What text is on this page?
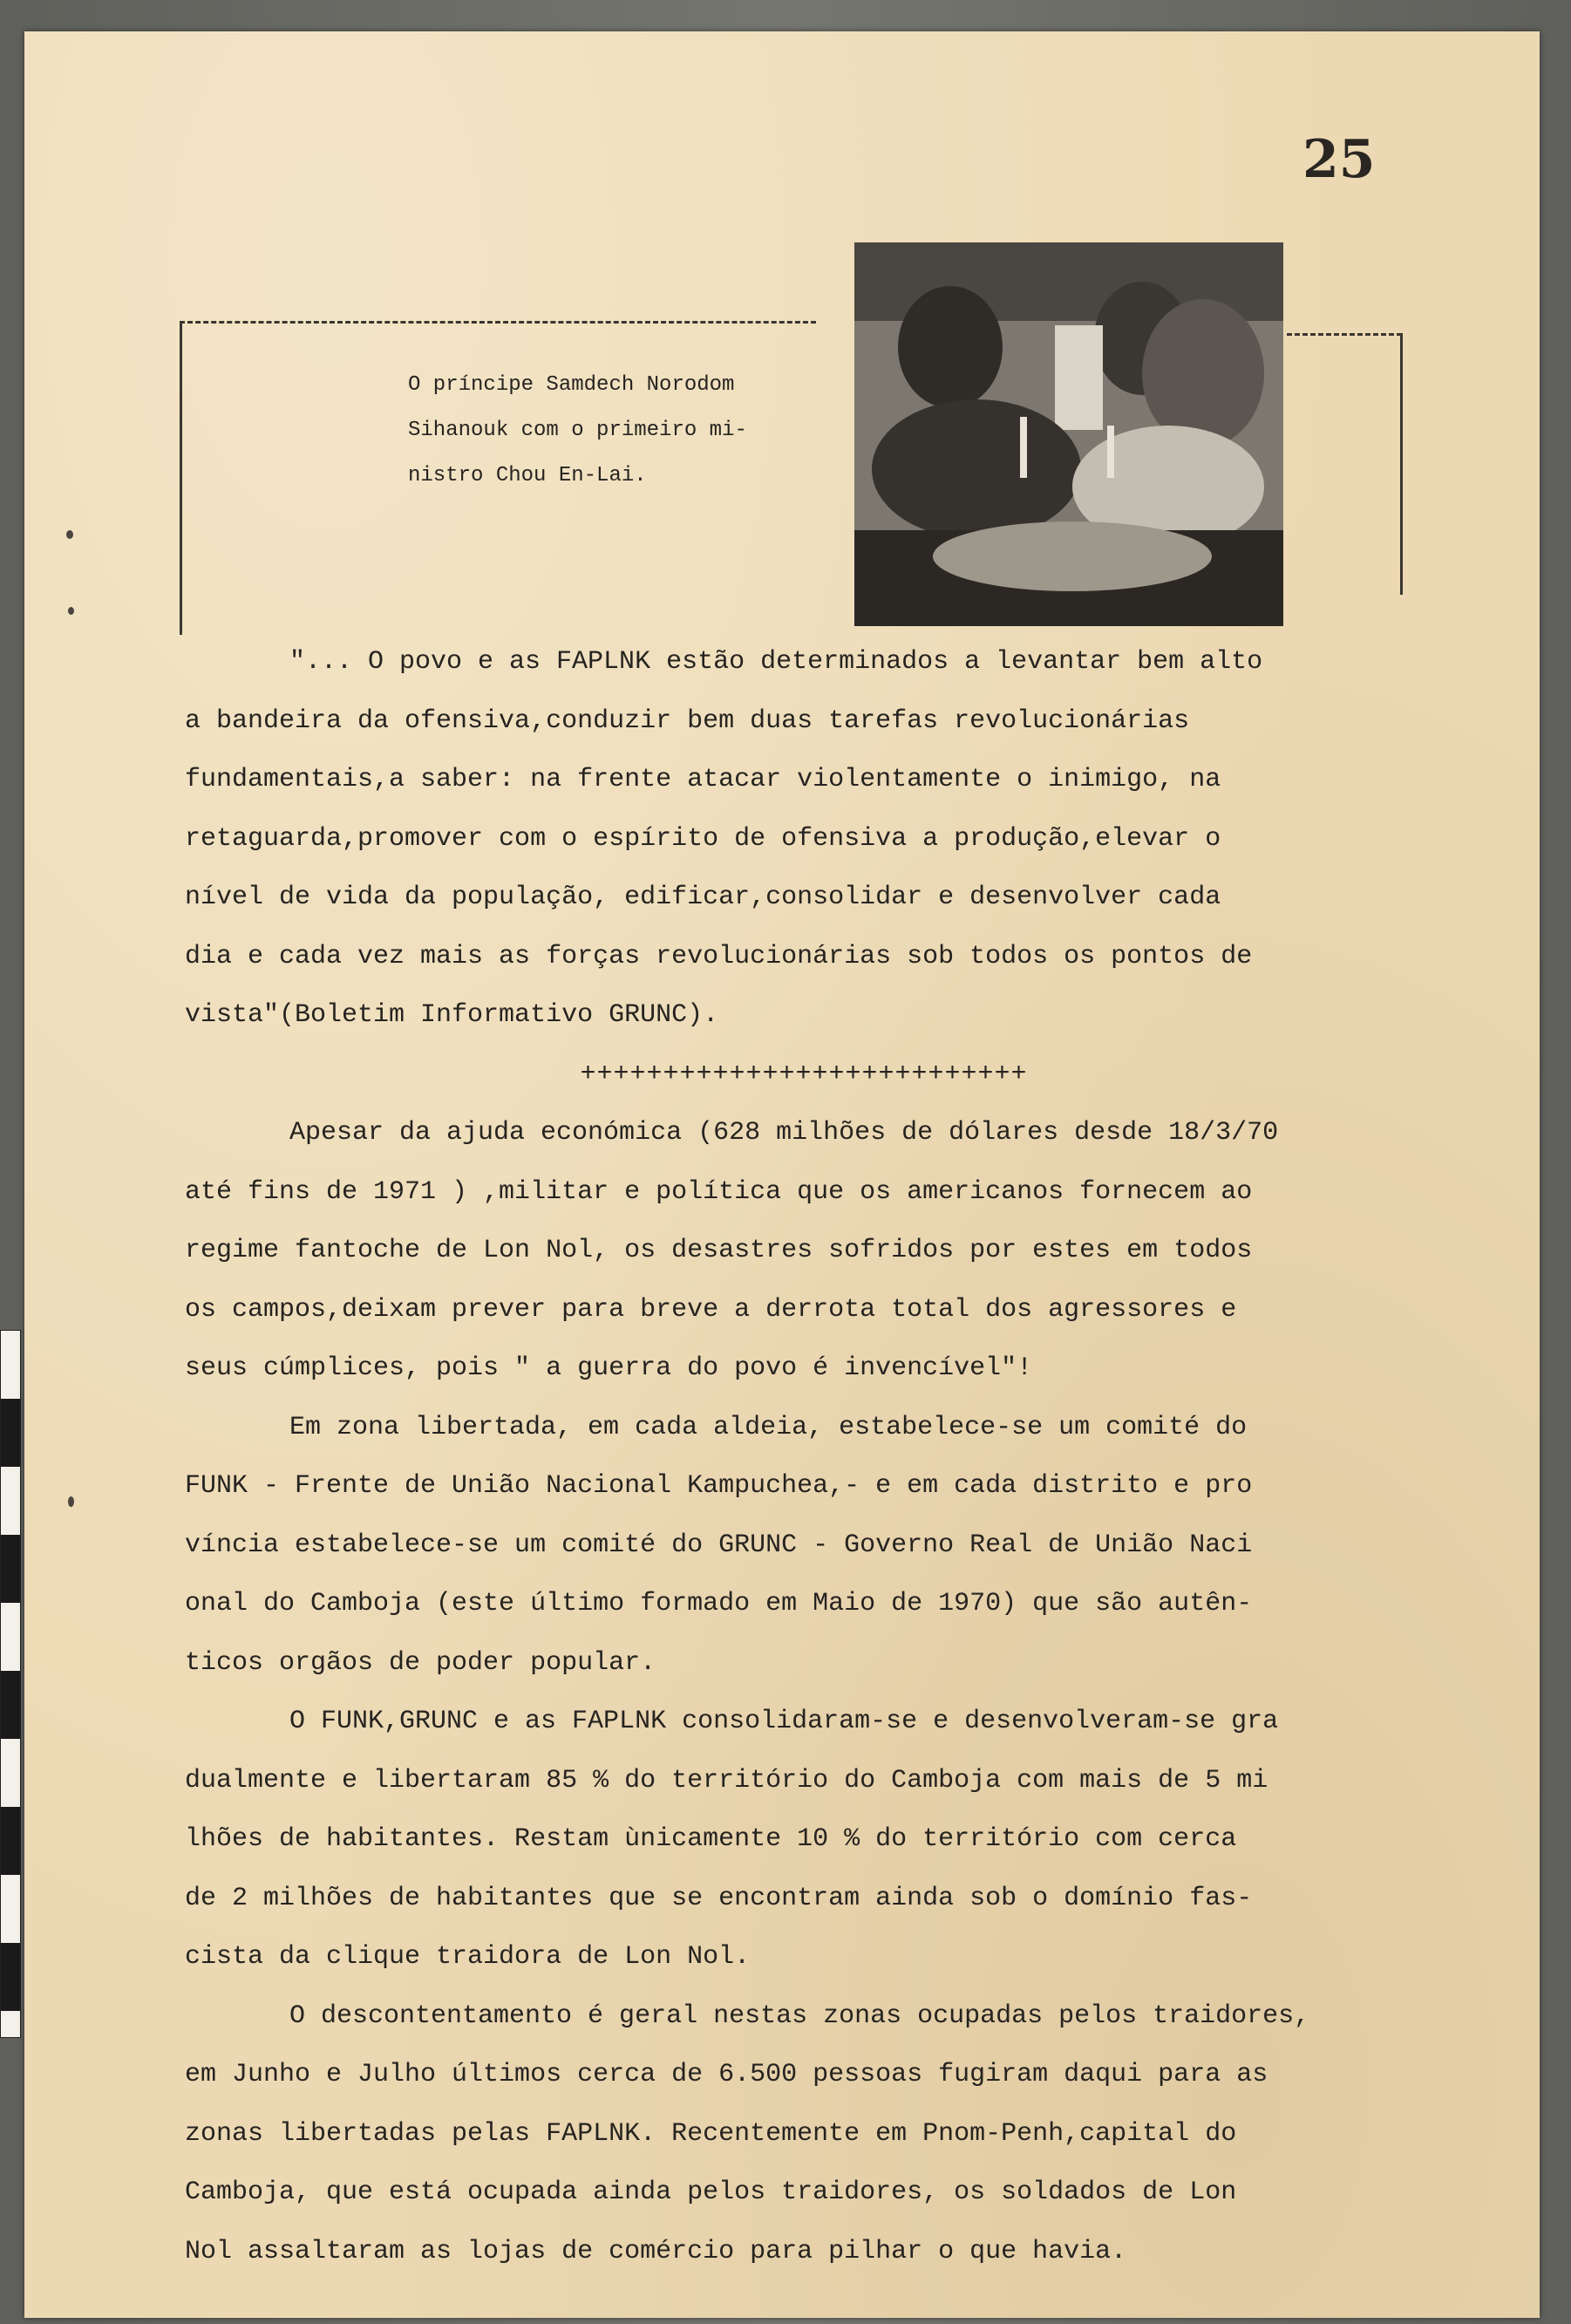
25
O príncipe Samdech Norodom
Sihanouk com o primeiro mi-
nistro Chou En-Lai.

"... O povo e as FAPLNK estão determinados a levantar bem alto
a bandeira da ofensiva,conduzir bem duas tarefas revolucionárias
fundamentais,a saber: na frente atacar violentamente o inimigo, na
retaguarda,promover com o espírito de ofensiva a produção,elevar o
nível de vida da população, edificar,consolidar e desenvolver cada
dia e cada vez mais as forças revolucionárias sob todos os pontos de
vista"(Boletim Informativo GRUNC).

+++++++++++++++++++++++++++

Apesar da ajuda económica (628 milhões de dólares desde 18/3/70
até fins de 1971 ) ,militar e política que os americanos fornecem ao
regime fantoche de Lon Nol, os desastres sofridos por estes em todos
os campos,deixam prever para breve a derrota total dos agressores e
seus cúmplices, pois " a guerra do povo é invencível"!

Em zona libertada, em cada aldeia, estabelece-se um comité do
FUNK - Frente de União Nacional Kampuchea,- e em cada distrito e pro
víncia estabelece-se um comité do GRUNC - Governo Real de União Naci
onal do Camboja (este último formado em Maio de 1970) que são autên-
ticos orgãos de poder popular.

O FUNK,GRUNC e as FAPLNK consolidaram-se e desenvolveram-se gra
dualmente e libertaram 85 % do território do Camboja com mais de 5 mi
lhões de habitantes. Restam ùnicamente 10 % do território com cerca
de 2 milhões de habitantes que se encontram ainda sob o domínio fas-
cista da clique traidora de Lon Nol.

O descontentamento é geral nestas zonas ocupadas pelos traidores,
em Junho e Julho últimos cerca de 6.500 pessoas fugiram daqui para as
zonas libertadas pelas FAPLNK. Recentemente em Pnom-Penh,capital do
Camboja, que está ocupada ainda pelos traidores, os soldados de Lon
Nol assaltaram as lojas de comércio para pilhar o que havia.
